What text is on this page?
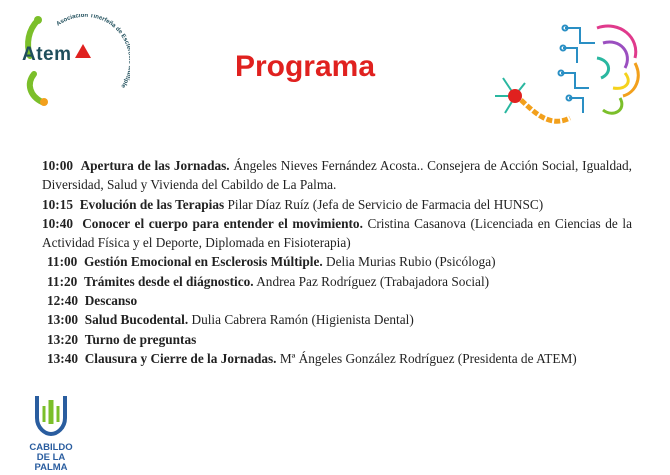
Asociación Tinerfeña de Escl tiple
Atem	Programa

10:00 Apertura de las Jornadas. Ángeles Nieves Fernández Acosta.. Consejera de Acción Social, Igualdad, Diversidad, Salud y Vivienda del Cabildo de La Palma.

10:15 Evolución de las Terapias Pilar Díaz Ruíz (Jefa de Servicio de Farmacia del HUNSC)

10:40 Conocer el cuerpo para entender el movimiento. Cristina Casanova (Licenciada en Ciencias de la Actividad Física y el Deporte, Diplomada en Fisioterapia)

11:00 Gestión Emocional en Esclerosis Múltiple. Delia Murias Rubio (Psicóloga)

11:20 Trámites desde el diágnostico. Andrea Paz Rodríguez (Trabajadora Social)

12:40 Descanso

13:00 Salud Bucodental. Dulia Cabrera Ramón (Higienista Dental)

13:20 Turno de preguntas

13:40 Clausura y Cierre de la Jornadas. Mª Ángeles González Rodríguez (Presidenta de ATEM)

CABILDO
DE LA PALMA
